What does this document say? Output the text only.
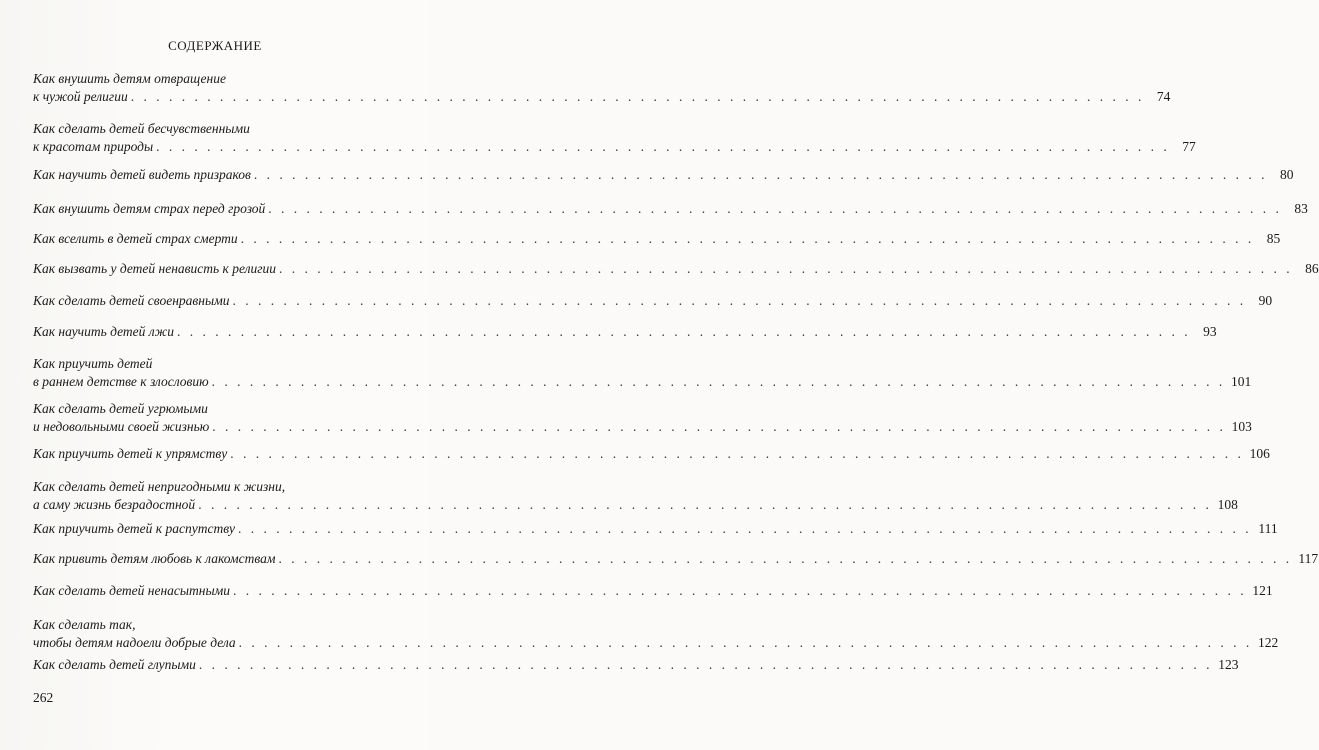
СОДЕРЖАНИЕ
Как внушить детям отвращение
к чужой религии . . . . . . . . . . . . . . . . . . . . . . . . . . . . . . . . . . . . . . . . . . . . . . . . . . . . . . . . . . . . . . . . . . . . . . . . . . . . . . . . 74
Как сделать детей бесчувственными
к красотам природы . . . . . . . . . . . . . . . . . . . . . . . . . . . . . . . . . . . . . . . . . . . . . . . . . . . . . . . . . . . . . . . . . . . . . . . . . . . . . . . . 77
Как научить детей видеть призраков . . . . . . . . . . . . . . . . . . . . . . . . . . . . . . . . . . . . . . . . . . . . . . . . . . . . . . . . . . . . . . . . . . . . . . . . . . . . . . . . 80
Как внушить детям страх перед грозой . . . . . . . . . . . . . . . . . . . . . . . . . . . . . . . . . . . . . . . . . . . . . . . . . . . . . . . . . . . . . . . . . . . . . . . . . . . . . . . . 83
Как вселить в детей страх смерти . . . . . . . . . . . . . . . . . . . . . . . . . . . . . . . . . . . . . . . . . . . . . . . . . . . . . . . . . . . . . . . . . . . . . . . . . . . . . . . . 85
Как вызвать у детей ненависть к религии . . . . . . . . . . . . . . . . . . . . . . . . . . . . . . . . . . . . . . . . . . . . . . . . . . . . . . . . . . . . . . . . . . . . . . . . . . . . . . . . 86
Как сделать детей своенравными . . . . . . . . . . . . . . . . . . . . . . . . . . . . . . . . . . . . . . . . . . . . . . . . . . . . . . . . . . . . . . . . . . . . . . . . . . . . . . . . 90
Как научить детей лжи . . . . . . . . . . . . . . . . . . . . . . . . . . . . . . . . . . . . . . . . . . . . . . . . . . . . . . . . . . . . . . . . . . . . . . . . . . . . . . . . 93
Как приучить детей
в раннем детстве к злословию . . . . . . . . . . . . . . . . . . . . . . . . . . . . . . . . . . . . . . . . . . . . . . . . . . . . . . . . . . . . . . . . . . . . . . . . . . . . . . . . 101
Как сделать детей угрюмыми
и недовольными своей жизнью . . . . . . . . . . . . . . . . . . . . . . . . . . . . . . . . . . . . . . . . . . . . . . . . . . . . . . . . . . . . . . . . . . . . . . . . . . . . . . . . 103
Как приучить детей к упрямству . . . . . . . . . . . . . . . . . . . . . . . . . . . . . . . . . . . . . . . . . . . . . . . . . . . . . . . . . . . . . . . . . . . . . . . . . . . . . . . . 106
Как сделать детей непригодными к жизни,
а саму жизнь безрадостной . . . . . . . . . . . . . . . . . . . . . . . . . . . . . . . . . . . . . . . . . . . . . . . . . . . . . . . . . . . . . . . . . . . . . . . . . . . . . . . . 108
Как приучить детей к распутству . . . . . . . . . . . . . . . . . . . . . . . . . . . . . . . . . . . . . . . . . . . . . . . . . . . . . . . . . . . . . . . . . . . . . . . . . . . . . . . . 111
Как привить детям любовь к лакомствам . . . . . . . . . . . . . . . . . . . . . . . . . . . . . . . . . . . . . . . . . . . . . . . . . . . . . . . . . . . . . . . . . . . . . . . . . . . . . . . . 117
Как сделать детей ненасытными . . . . . . . . . . . . . . . . . . . . . . . . . . . . . . . . . . . . . . . . . . . . . . . . . . . . . . . . . . . . . . . . . . . . . . . . . . . . . . . . 121
Как сделать так,
чтобы детям надоели добрые дела . . . . . . . . . . . . . . . . . . . . . . . . . . . . . . . . . . . . . . . . . . . . . . . . . . . . . . . . . . . . . . . . . . . . . . . . . . . . . . . . 122
Как сделать детей глупыми . . . . . . . . . . . . . . . . . . . . . . . . . . . . . . . . . . . . . . . . . . . . . . . . . . . . . . . . . . . . . . . . . . . . . . . . . . . . . . . . 123
262
